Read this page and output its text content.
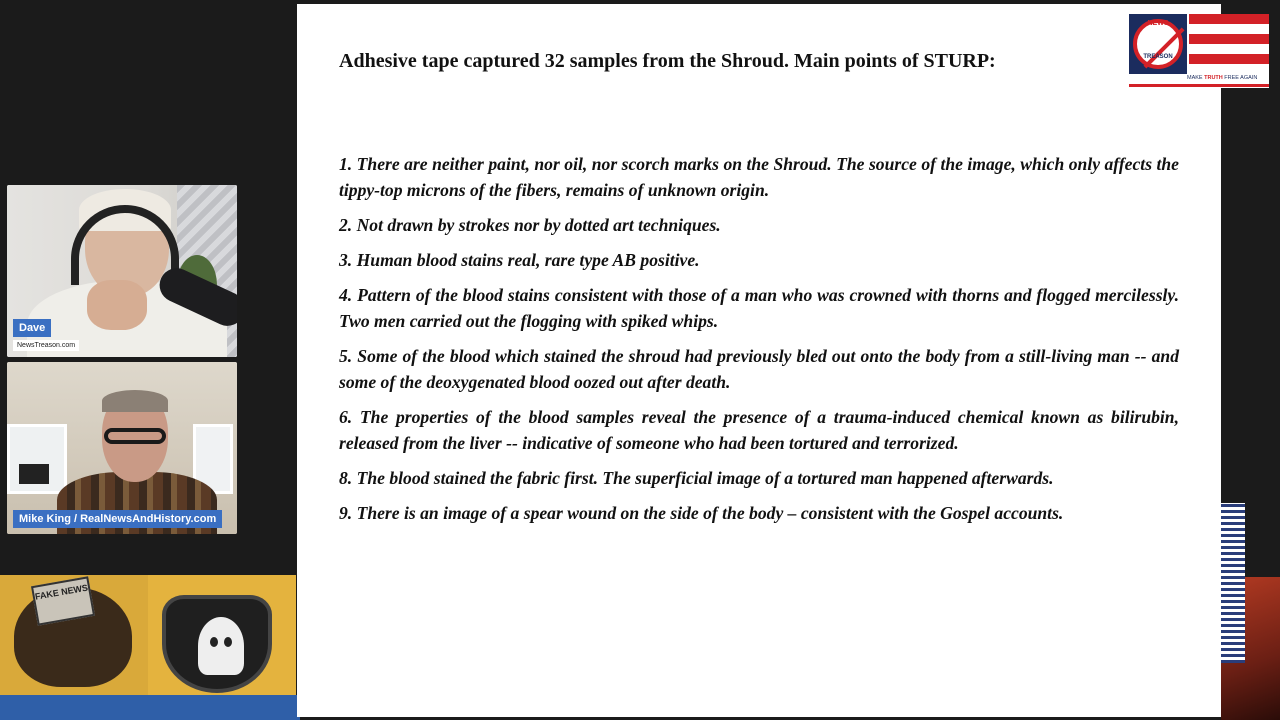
Dave
NewsTreason.com
Mike King / RealNewsAndHistory.com
FAKE NEWS
Adhesive tape captured 32 samples from the Shroud. Main points of STURP:

1. There are neither paint, nor oil, nor scorch marks on the Shroud. The source of the image, which only affects the tippy-top microns of the fibers, remains of unknown origin.

2. Not drawn by strokes nor by dotted art techniques.

3. Human blood stains real, rare type AB positive.

4. Pattern of the blood stains consistent with those of a man who was crowned with thorns and flogged mercilessly. Two men carried out the flogging with spiked whips.

5. Some of the blood which stained the shroud had previously bled out onto the body from a still-living man -- and some of the deoxygenated blood oozed out after death.

6. The properties of the blood samples reveal the presence of a trauma-induced chemical known as bilirubin, released from the liver -- indicative of someone who had been tortured and terrorized.

8. The blood stained the fabric first. The superficial image of a tortured man happened afterwards.

9. There is an image of a spear wound on the side of the body – consistent with the Gospel accounts.

NEWS
TREASON
MAKE TRUTH FREE AGAIN
